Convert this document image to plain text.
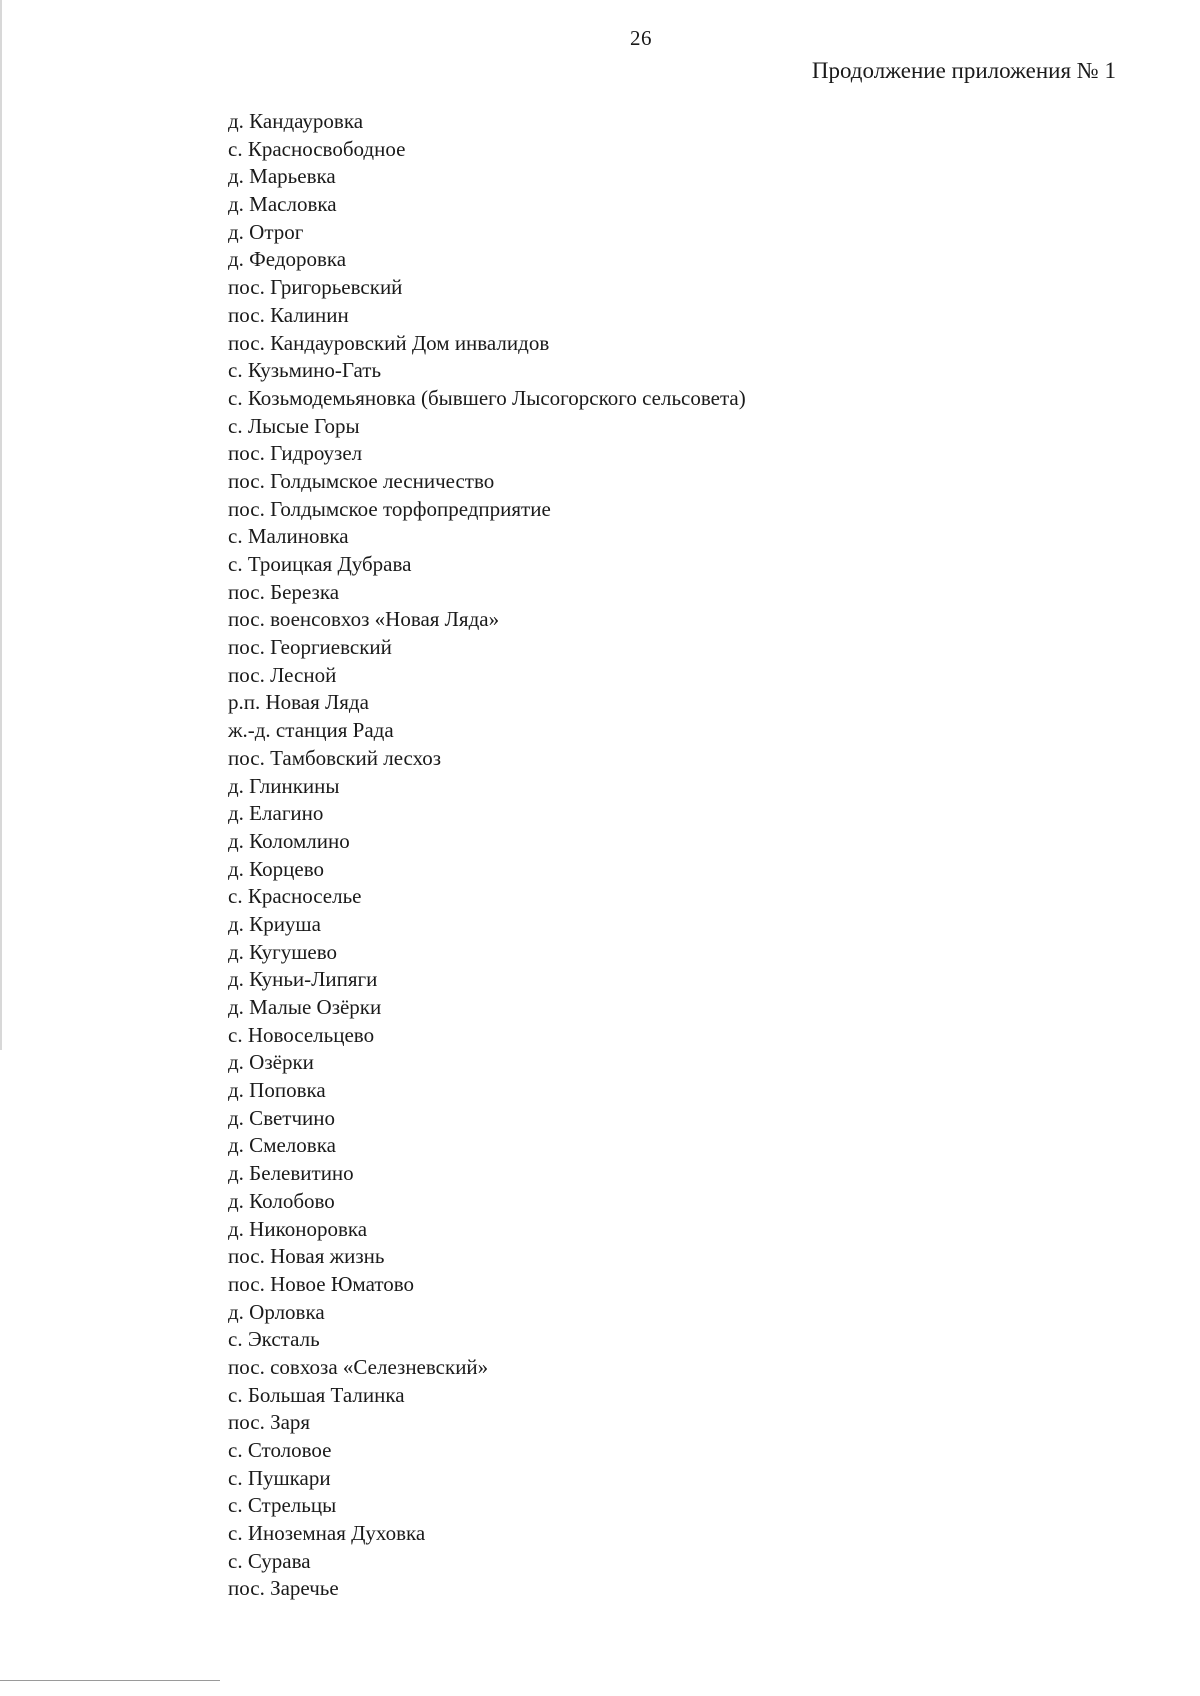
26
Продолжение приложения № 1
д. Кандауровка
с. Красносвободное
д. Марьевка
д. Масловка
д. Отрог
д. Федоровка
пос. Григорьевский
пос. Калинин
пос. Кандауровский Дом инвалидов
с. Кузьмино-Гать
с. Козьмодемьяновка (бывшего Лысогорского сельсовета)
с. Лысые Горы
пос. Гидроузел
пос. Голдымское лесничество
пос. Голдымское торфопредприятие
с. Малиновка
с. Троицкая Дубрава
пос. Березка
пос. военсовхоз «Новая Ляда»
пос. Георгиевский
пос. Лесной
р.п. Новая Ляда
ж.-д. станция Рада
пос. Тамбовский лесхоз
д. Глинкины
д. Елагино
д. Коломлино
д. Корцево
с. Красноселье
д. Криуша
д. Кугушево
д. Куньи-Липяги
д. Малые Озёрки
с. Новосельцево
д. Озёрки
д. Поповка
д. Светчино
д. Смеловка
д. Белевитино
д. Колобово
д. Никоноровка
пос. Новая жизнь
пос. Новое Юматово
д. Орловка
с. Эксталь
пос. совхоза «Селезневский»
с. Большая Талинка
пос. Заря
с. Столовое
с. Пушкари
с. Стрельцы
с. Иноземная Духовка
с. Сурава
пос. Заречье
